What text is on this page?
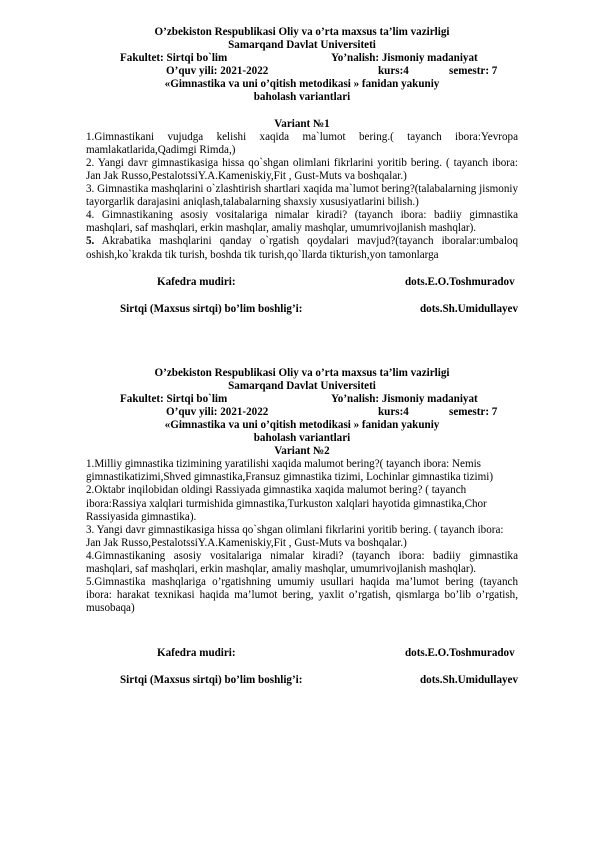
O’zbekiston Respublikasi Oliy va o’rta maxsus ta’lim vazirligi
Samarqand Davlat Universiteti
Fakultet: Sirtqi bo`lim	Yo’nalish: Jismoniy madaniyat
O’quv yili: 2021-2022	kurs:4	semestr: 7
«Gimnastika va uni o’qitish metodikasi » fanidan yakuniy
baholash variantlari
Variant №1

1.Gimnastikani vujudga kelishi xaqida ma`lumot bering.( tayanch ibora:Yevropa mamlakatlarida,Qadimgi Rimda,)

2. Yangi davr gimnastikasiga hissa qo`shgan olimlani fikrlarini yoritib bering. ( tayanch ibora: Jan Jak Russo,PestalotssiY.A.Kameniskiy,Fit , Gust-Muts va boshqalar.)

3. Gimnastika mashqlarini o`zlashtirish shartlari xaqida ma`lumot bering?(talabalarning jismoniy tayorgarlik darajasini aniqlash,talabalarning shaxsiy xususiyatlarini bilish.)

4. Gimnastikaning asosiy vositalariga nimalar kiradi? (tayanch ibora: badiiy gimnastika mashqlari, saf mashqlari, erkin mashqlar, amaliy mashqlar, umumrivojlanish mashqlar).

5. Akrabatika mashqlarini qanday o`rgatish qoydalari mavjud?(tayanch iboralar:umbaloq

oshish,ko`krakda tik turish, boshda tik turish,qo`llarda tikturish,yon tamonlarga

Kafedra mudiri:	dots.E.O.Toshmuradov
Sirtqi (Maxsus sirtqi) bo’lim boshlig’i:	dots.Sh.Umidullayev
O’zbekiston Respublikasi Oliy va o’rta maxsus ta’lim vazirligi
Samarqand Davlat Universiteti
Fakultet: Sirtqi bo`lim	Yo’nalish: Jismoniy madaniyat
O’quv yili: 2021-2022	kurs:4	semestr: 7
«Gimnastika va uni o’qitish metodikasi » fanidan yakuniy
baholash variantlari
Variant №2

1.Milliy gimnastika tizimining yaratilishi xaqida malumot bering?( tayanch ibora: Nemis gimnastikatizimi,Shved gimnastika,Fransuz gimnastika tizimi, Lochinlar gimnastika tizimi)

2.Oktabr inqilobidan oldingi Rassiyada gimnastika xaqida malumot bering? ( tayanch ibora:Rassiya xalqlari turmishida gimnastika,Turkuston xalqlari hayotida gimnastika,Chor Rassiyasida gimnastika).

3. Yangi davr gimnastikasiga hissa qo`shgan olimlani fikrlarini yoritib bering. ( tayanch ibora: Jan Jak Russo,PestalotssiY.A.Kameniskiy,Fit , Gust-Muts va boshqalar.)

4.Gimnastikaning asosiy vositalariga nimalar kiradi? (tayanch ibora: badiiy gimnastika mashqlari, saf mashqlari, erkin mashqlar, amaliy mashqlar, umumrivojlanish mashqlar).

5.Gimnastika mashqlariga o’rgatishning umumiy usullari haqida ma’lumot bering (tayanch ibora: harakat texnikasi haqida ma’lumot bering, yaxlit o’rgatish, qismlarga bo’lib o’rgatish, musobaqa)

Kafedra mudiri:	dots.E.O.Toshmuradov
Sirtqi (Maxsus sirtqi) bo’lim boshlig’i:	dots.Sh.Umidullayev
